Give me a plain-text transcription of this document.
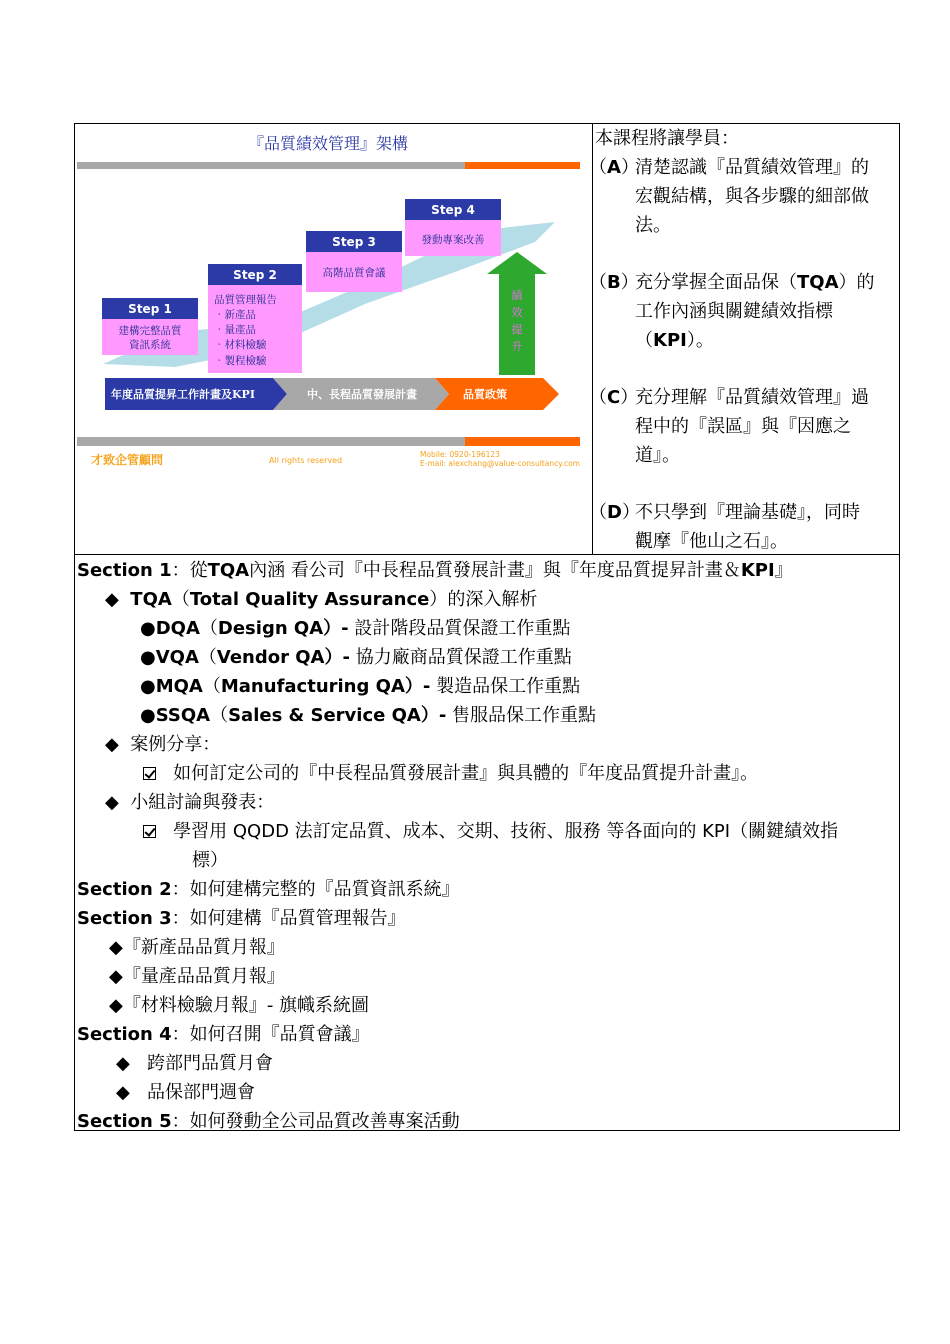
『品質績效管理』架構
Step 1
建構完整品質
資訊系統
Step 2
品質管理報告
‧新產品
‧量產品
‧材料檢驗
‧製程檢驗
Step 3
高階品質會議
Step 4
發動專案改善
績
效
提
升
年度品質提昇工作計畫及KPI	中、長程品質發展計畫	品質政策
才致企管顧問	All rights reserved
Mobile: 0920-196123
E-mail: alexchang@value-consultancy.com
本課程將讓學員：
（A）
清楚認識『品質績效管理』的
宏觀結構，與各步驟的細部做
法。
（B）
充分掌握全面品保（TQA）的
工作內涵與關鍵績效指標
（KPI）。
（C）
充分理解『品質績效管理』過
程中的『誤區』與『因應之
道』。
（D）
不只學到『理論基礎』，同時
觀摩『他山之石』。
Section 1：從TQA內涵 看公司『中長程品質發展計畫』與『年度品質提昇計畫＆KPI』
◆ TQA（Total Quality Assurance）的深入解析
●DQA（Design QA）- 設計階段品質保證工作重點
●VQA（Vendor QA）- 協力廠商品質保證工作重點
●MQA（Manufacturing QA）- 製造品保工作重點
●SSQA（Sales & Service QA）- 售服品保工作重點
◆ 案例分享：
如何訂定公司的『中長程品質發展計畫』與具體的『年度品質提升計畫』。
◆ 小組討論與發表：
學習用 QQDD 法訂定品質、成本、交期、技術、服務 等各面向的 KPI（關鍵績效指
標）
Section 2：如何建構完整的『品質資訊系統』
Section 3：如何建構『品質管理報告』
◆『新產品品質月報』
◆『量產品品質月報』
◆『材料檢驗月報』- 旗幟系統圖
Section 4：如何召開『品質會議』
◆ 跨部門品質月會
◆ 品保部門週會
Section 5：如何發動全公司品質改善專案活動
